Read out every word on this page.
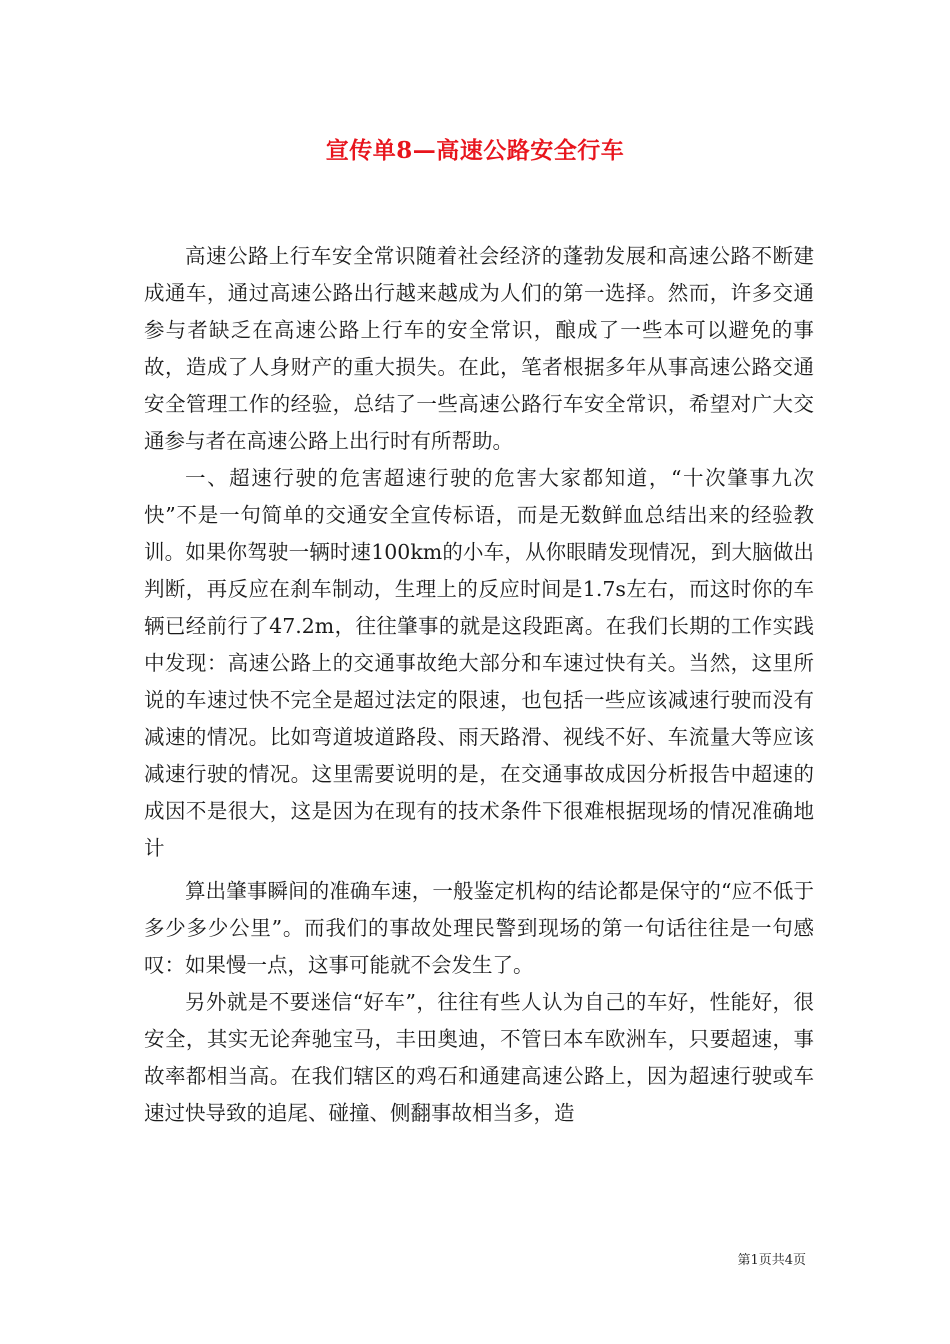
宣传单8—高速公路安全行车

高速公路上行车安全常识随着社会经济的蓬勃发展和高速公路不断建成通车，通过高速公路出行越来越成为人们的第一选择。然而，许多交通参与者缺乏在高速公路上行车的安全常识，酿成了一些本可以避免的事故，造成了人身财产的重大损失。在此，笔者根据多年从事高速公路交通安全管理工作的经验，总结了一些高速公路行车安全常识，希望对广大交通参与者在高速公路上出行时有所帮助。

一、超速行驶的危害超速行驶的危害大家都知道，“十次肇事九次快”不是一句简单的交通安全宣传标语，而是无数鲜血总结出来的经验教训。如果你驾驶一辆时速100km的小车，从你眼睛发现情况，到大脑做出判断，再反应在刹车制动，生理上的反应时间是1.7s左右，而这时你的车辆已经前行了47.2m，往往肇事的就是这段距离。在我们长期的工作实践中发现：高速公路上的交通事故绝大部分和车速过快有关。当然，这里所说的车速过快不完全是超过法定的限速，也包括一些应该减速行驶而没有减速的情况。比如弯道坡道路段、雨天路滑、视线不好、车流量大等应该减速行驶的情况。这里需要说明的是，在交通事故成因分析报告中超速的成因不是很大，这是因为在现有的技术条件下很难根据现场的情况准确地计

算出肇事瞬间的准确车速，一般鉴定机构的结论都是保守的“应不低于多少多少公里”。而我们的事故处理民警到现场的第一句话往往是一句感叹：如果慢一点，这事可能就不会发生了。

另外就是不要迷信“好车”，往往有些人认为自己的车好，性能好，很安全，其实无论奔驰宝马，丰田奥迪，不管曰本车欧洲车，只要超速，事故率都相当高。在我们辖区的鸡石和通建高速公路上，因为超速行驶或车速过快导致的追尾、碰撞、侧翻事故相当多，造

第1页共4页
